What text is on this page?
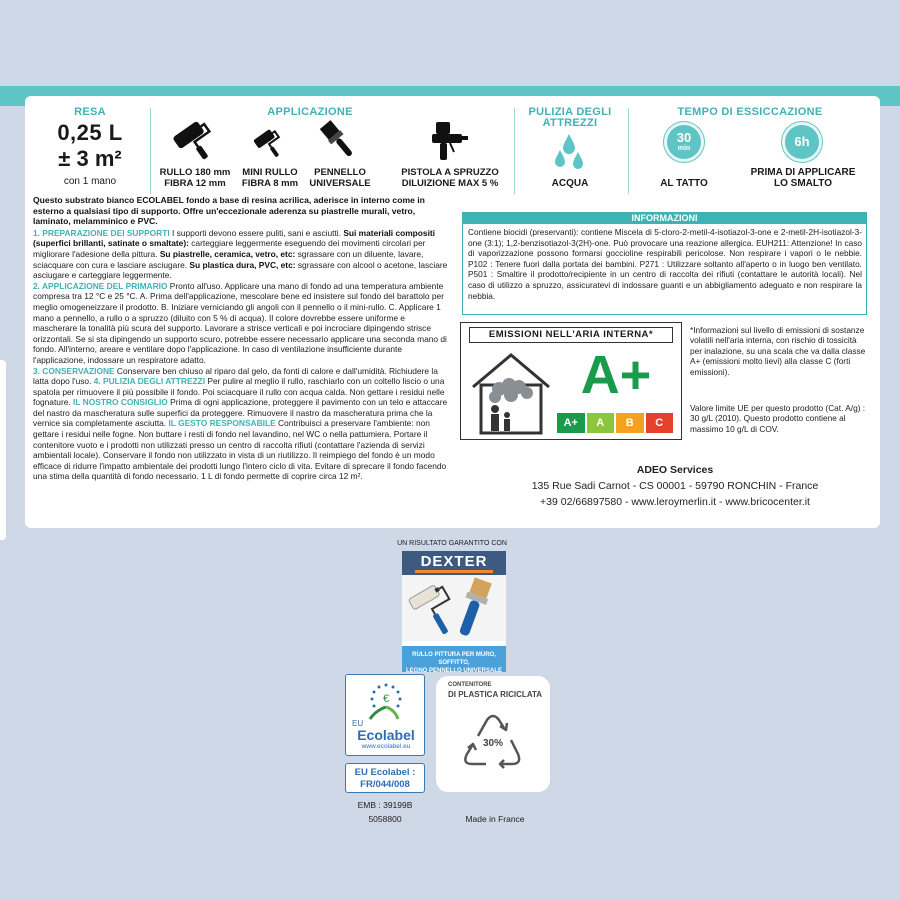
RESA
0,25 L
± 3 m²
con 1 mano
APPLICAZIONE
RULLO 180 mm
FIBRA 12 mm
MINI RULLO
FIBRA 8 mm
PENNELLO
UNIVERSALE
PISTOLA A SPRUZZO
DILUIZIONE MAX 5 %
PULIZIA DEGLI
ATTREZZI
ACQUA
TEMPO DI ESSICCAZIONE
30
min
AL TATTO
6h
PRIMA DI APPLICARE
LO SMALTO
Questo substrato bianco ECOLABEL fondo a base di resina acrilica, aderisce in interno come in esterno a qualsiasi tipo di supporto. Offre un'eccezionale aderenza su piastrelle murali, vetro, laminato, melamminico e PVC.
1. PREPARAZIONE DEI SUPPORTI I supporti devono essere puliti, sani e asciutti. Sui materiali compositi (superfici brillanti, satinate o smaltate): carteggiare leggermente eseguendo dei movimenti circolari per migliorare l'adesione della pittura. Su piastrelle, ceramica, vetro, etc: sgrassare con un diluente, lavare, sciacquare con cura e lasciare asciugare. Su plastica dura, PVC, etc: sgrassare con alcool o acetone, lasciare asciugare e carteggiare leggermente.
2. APPLICAZIONE DEL PRIMARIO Pronto all'uso. Applicare una mano di fondo ad una temperatura ambiente compresa tra 12 °C e 25 °C. A. Prima dell'applicazione, mescolare bene ed insistere sul fondo del barattolo per meglio omogeneizzare il prodotto. B. Iniziare verniciando gli angoli con il pennello o il mini-rullo. C. Applicare 1 mano a pennello, a rullo o a spruzzo (diluito con 5 % di acqua). Il colore dovrebbe essere uniforme e mascherare la tonalità più scura del supporto. Lavorare a strisce verticali e poi incrociare dipingendo strisce orizzontali. Se si sta dipingendo un supporto scuro, potrebbe essere necessario applicare una seconda mano di fondo. All'interno, areare e ventilare dopo l'applicazione. In caso di ventilazione insufficiente durante l'applicazione, indossare un respiratore adatto.
3. CONSERVAZIONE Conservare ben chiuso al riparo dal gelo, da fonti di calore e dall'umidità. Richiudere la latta dopo l'uso. 4. PULIZIA DEGLI ATTREZZI Per pulire al meglio il rullo, raschiarlo con un coltello liscio o una spatola per rimuovere il più possibile il fondo. Poi sciacquare il rullo con acqua calda. Non gettare i residui nelle fognature. IL NOSTRO CONSIGLIO Prima di ogni applicazione, proteggere il pavimento con un telo e attaccare del nastro da mascheratura sulle superfici da proteggere. Rimuovere il nastro da mascheratura prima che la vernice sia completamente asciutta. IL GESTO RESPONSABILE Contribuisci a preservare l'ambiente: non gettare i residui nelle fogne. Non buttare i resti di fondo nel lavandino, nel WC o nella pattumiera. Portare il contenitore vuoto e i prodotti non utilizzati presso un centro di raccolta rifiuti (contattare l'azienda di servizi ambientali locale). Conservare il fondo non utilizzato in vista di un riutilizzo. Il reimpiego del fondo è un modo efficace di ridurre l'impatto ambientale dei prodotti lungo l'intero ciclo di vita. Evitare di sprecare il fondo facendo una stima della quantità di fondo necessario. 1 L di fondo permette di coprire circa 12 m².
INFORMAZIONI
Contiene biocidi (preservanti): contiene Miscela di 5-cloro-2-metil-4-isotiazol-3-one e 2-metil-2H-isotiazol-3-one (3:1); 1,2-benzisotiazol-3(2H)-one. Può provocare una reazione allergica. EUH211: Attenzione! In caso di vaporizzazione possono formarsi goccioline respirabili pericolose. Non respirare i vapori o le nebbie. P102 : Tenere fuori dalla portata dei bambini. P271 : Utilizzare soltanto all'aperto o in luogo ben ventilato. P501 : Smaltire il prodotto/recipiente in un centro di raccolta dei rifiuti (contattare le autorità locali). Nel caso di utilizzo a spruzzo, assicuratevi di indossare guanti e un abbigliamento adeguato e non respirare la nebbia.
EMISSIONI NELL'ARIA INTERNA*
A+
A+	A	B	C
*Informazioni sul livello di emissioni di sostanze volatili nell'aria interna, con rischio di tossicità per inalazione, su una scala che va dalla classe A+ (emissioni molto lievi) alla classe C (forti emissioni).
Valore limite UE per questo prodotto (Cat. A/g) : 30 g/L (2010). Questo prodotto contiene al massimo 10 g/L di COV.
ADEO Services
135 Rue Sadi Carnot - CS 00001 - 59790 RONCHIN - France
+39 02/66897580 - www.leroymerlin.it - www.bricocenter.it
UN RISULTATO GARANTITO CON
DEXTER
RULLO PITTURA PER MURO, SOFFITTO,
LEGNO PENNELLO UNIVERSALE
€
EU
Ecolabel
www.ecolabel.eu
EU Ecolabel :
FR/044/008
CONTENITORE
DI PLASTICA RICICLATA
30%
EMB : 39199B
5058800	Made in France
